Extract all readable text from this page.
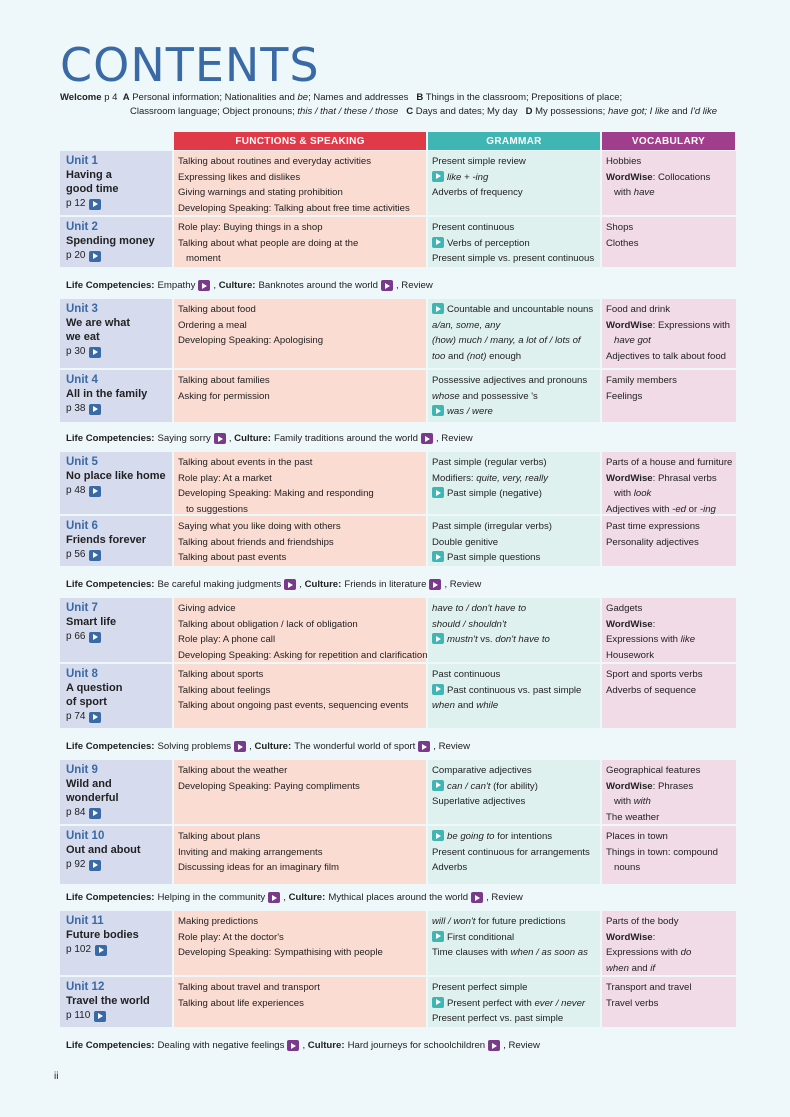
CONTENTS
Welcome p 4 A Personal information; Nationalities and be; Names and addresses B Things in the classroom; Prepositions of place;
Classroom language; Object pronouns; this / that / these / those C Days and dates; My day D My possessions; have got; I like and I'd like
FUNCTIONS & SPEAKING	GRAMMAR	VOCABULARY
Unit 1
Having a
good time
p 12
Talking about routines and everyday activities
Expressing likes and dislikes
Giving warnings and stating prohibition
Developing Speaking: Talking about free time activities
Present simple review
like + -ing
Adverbs of frequency
Hobbies
WordWise: Collocations
with have
Unit 2
Spending money
p 20
Role play: Buying things in a shop
Talking about what people are doing at the
moment
Present continuous
Verbs of perception
Present simple vs. present continuous
Shops
Clothes
Unit 3
We are what
we eat
p 30
Talking about food
Ordering a meal
Developing Speaking: Apologising
Countable and uncountable nouns
a/an, some, any
(how) much / many, a lot of / lots of
too and (not) enough
Food and drink
WordWise: Expressions with
have got
Adjectives to talk about food
Unit 4
All in the family
p 38
Talking about families
Asking for permission
Possessive adjectives and pronouns
whose and possessive 's
was / were
Family members
Feelings
Unit 5
No place like home
p 48
Talking about events in the past
Role play: At a market
Developing Speaking: Making and responding
to suggestions
Past simple (regular verbs)
Modifiers: quite, very, really
Past simple (negative)
Parts of a house and furniture
WordWise: Phrasal verbs
with look
Adjectives with -ed or -ing
Unit 6
Friends forever
p 56
Saying what you like doing with others
Talking about friends and friendships
Talking about past events
Past simple (irregular verbs)
Double genitive
Past simple questions
Past time expressions
Personality adjectives
Unit 7
Smart life
p 66
Giving advice
Talking about obligation / lack of obligation
Role play: A phone call
Developing Speaking: Asking for repetition and clarification
have to / don't have to
should / shouldn't
mustn't vs. don't have to
Gadgets
WordWise:
Expressions with like
Housework
Unit 8
A question
of sport
p 74
Talking about sports
Talking about feelings
Talking about ongoing past events, sequencing events
Past continuous
Past continuous vs. past simple
when and while
Sport and sports verbs
Adverbs of sequence
Unit 9
Wild and
wonderful
p 84
Talking about the weather
Developing Speaking: Paying compliments
Comparative adjectives
can / can't (for ability)
Superlative adjectives
Geographical features
WordWise: Phrases
with with
The weather
Unit 10
Out and about
p 92
Talking about plans
Inviting and making arrangements
Discussing ideas for an imaginary film
be going to for intentions
Present continuous for arrangements
Adverbs
Places in town
Things in town: compound
nouns
Unit 11
Future bodies
p 102
Making predictions
Role play: At the doctor's
Developing Speaking: Sympathising with people
will / won't for future predictions
First conditional
Time clauses with when / as soon as
Parts of the body
WordWise:
Expressions with do
when and if
Unit 12
Travel the world
p 110
Talking about travel and transport
Talking about life experiences
Present perfect simple
Present perfect with ever / never
Present perfect vs. past simple
Transport and travel
Travel verbs
Life Competencies: Empathy , Culture: Banknotes around the world , Review
Life Competencies: Saying sorry , Culture: Family traditions around the world , Review
Life Competencies: Be careful making judgments , Culture: Friends in literature , Review
Life Competencies: Solving problems , Culture: The wonderful world of sport , Review
Life Competencies: Helping in the community , Culture: Mythical places around the world , Review
Life Competencies: Dealing with negative feelings , Culture: Hard journeys for schoolchildren , Review
ii
